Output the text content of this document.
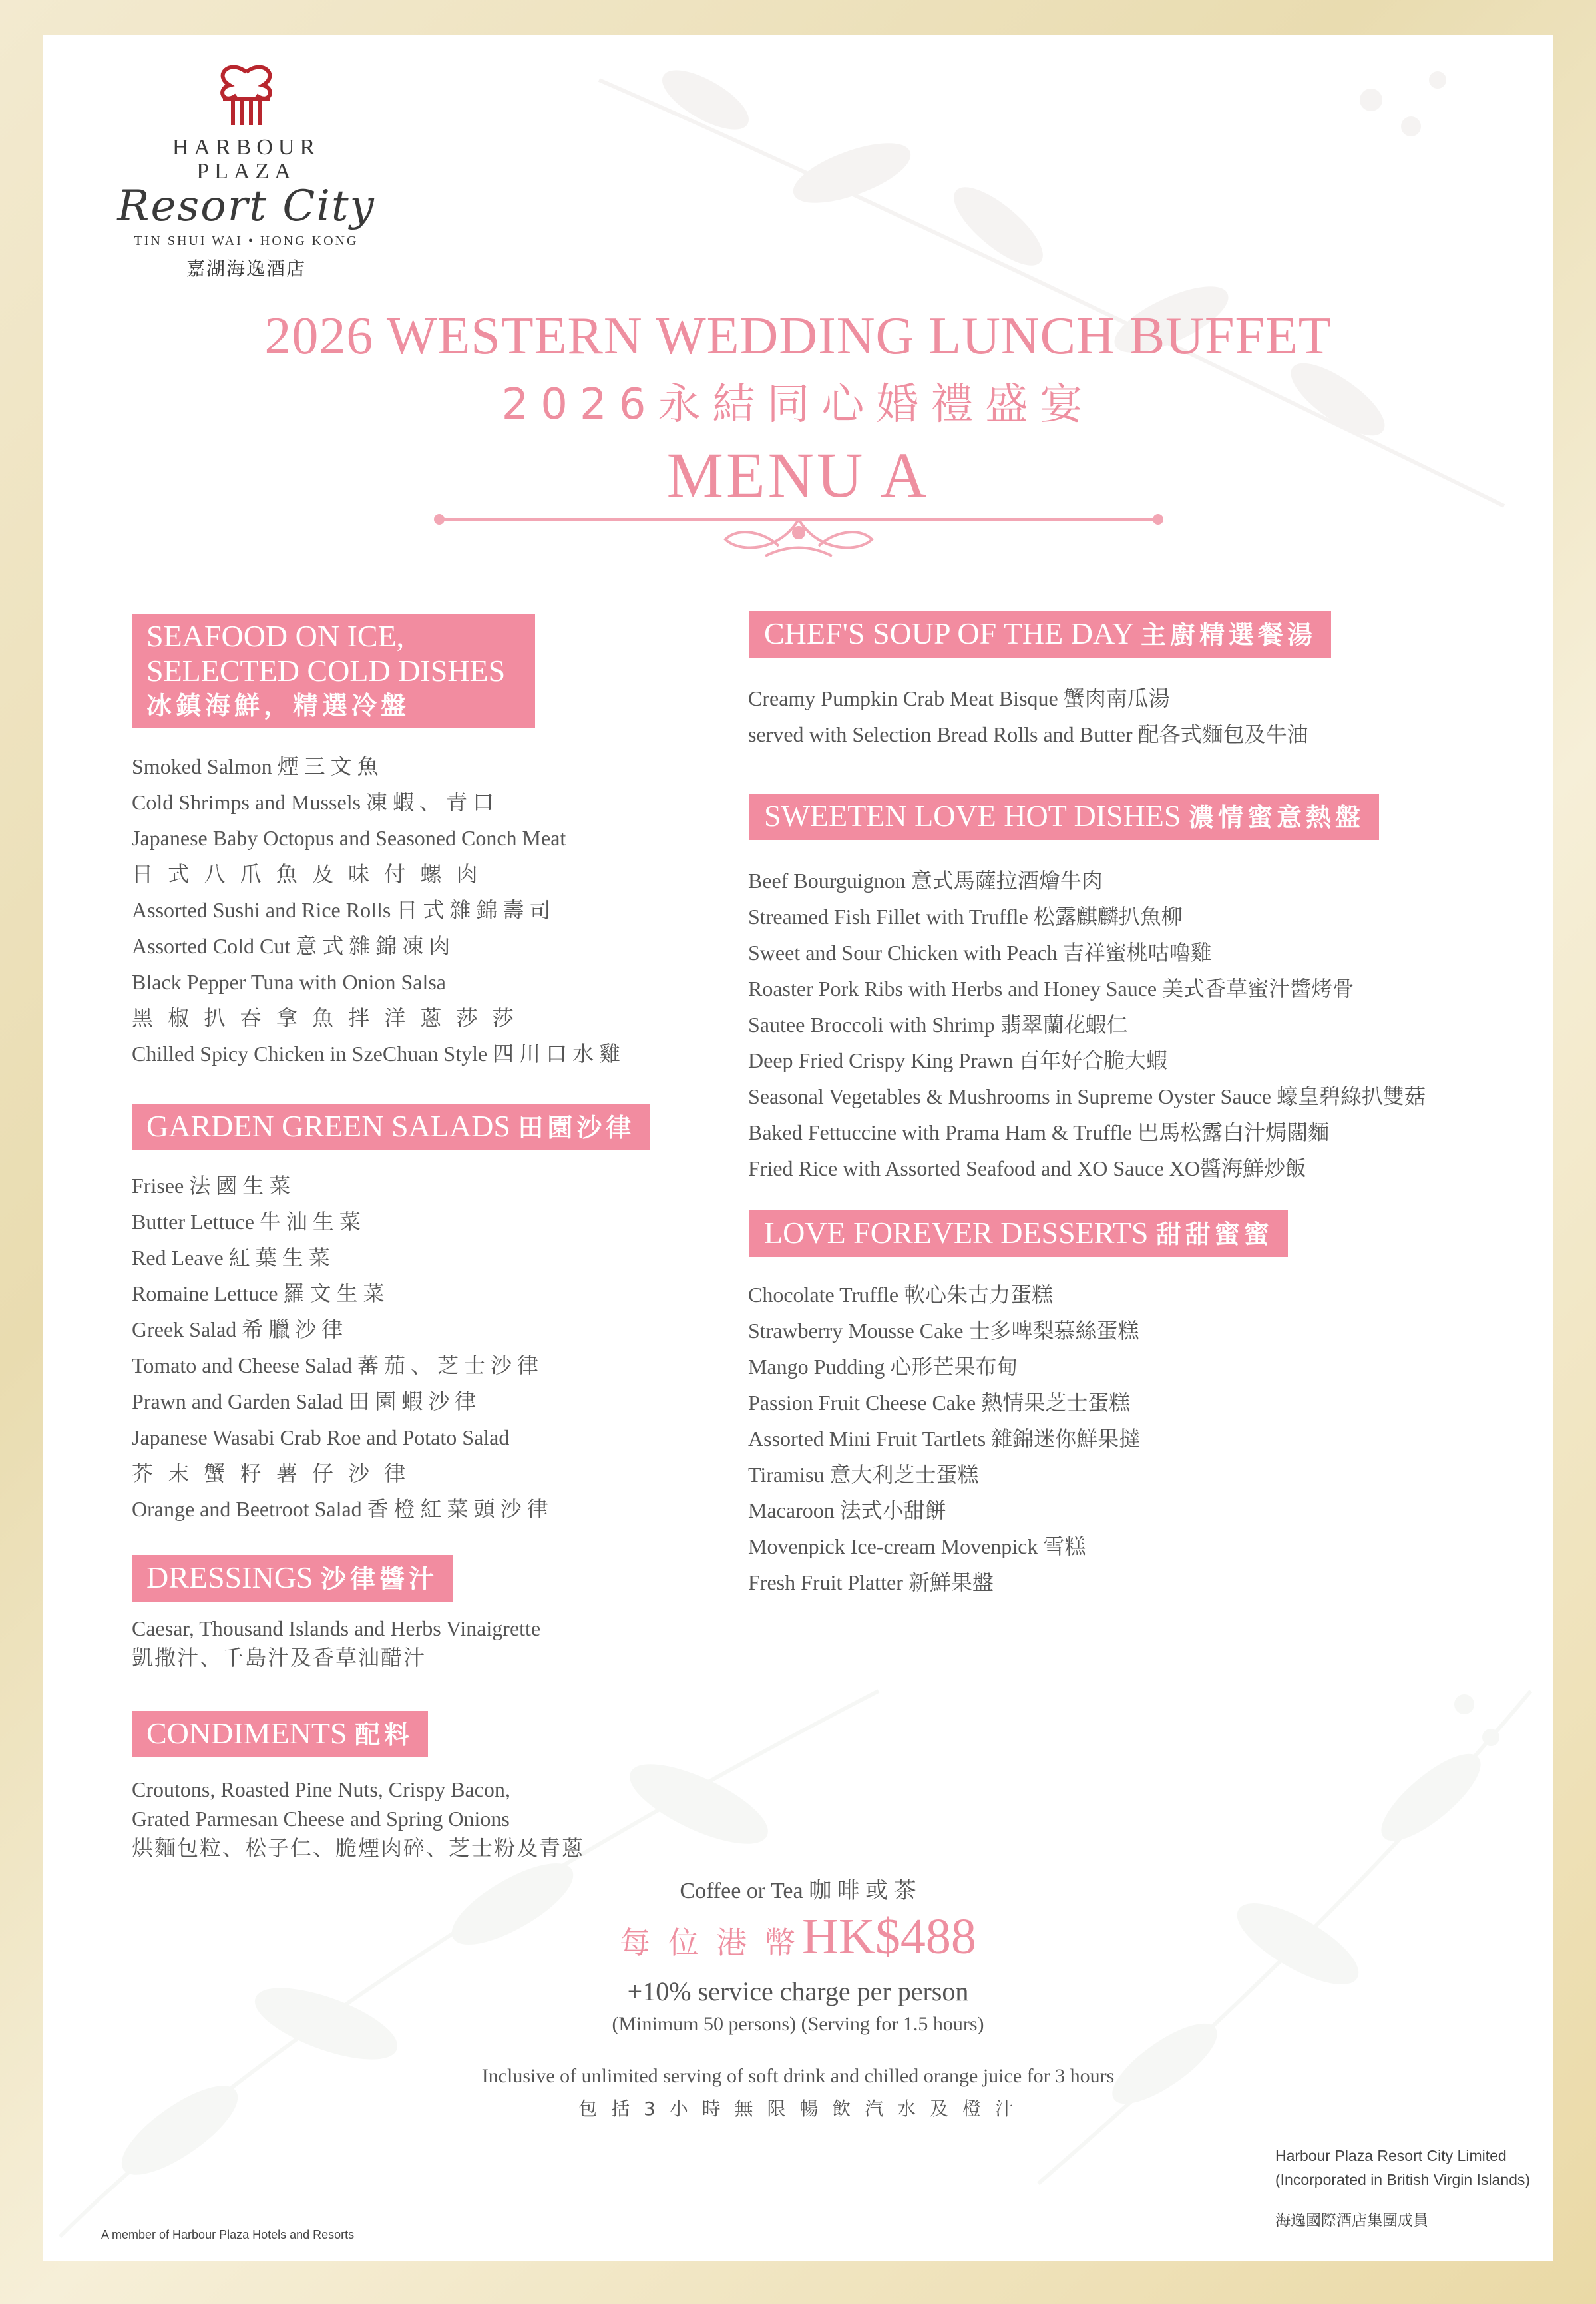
HARBOUR
PLAZA
Resort City
TIN SHUI WAI • HONG KONG
嘉湖海逸酒店
2026 WESTERN WEDDING LUNCH BUFFET
2026永結同心婚禮盛宴
MENU A
SEAFOOD ON ICE,
SELECTED COLD DISHES
冰鎮海鮮，精選冷盤
Smoked Salmon 煙 三 文 魚
Cold Shrimps and Mussels 凍 蝦 、 青 口
Japanese Baby Octopus and Seasoned Conch Meat
日 式 八 爪 魚 及 味 付 螺 肉
Assorted Sushi and Rice Rolls 日 式 雜 錦 壽 司
Assorted Cold Cut 意 式 雜 錦 凍 肉
Black Pepper Tuna with Onion Salsa
黑 椒 扒 吞 拿 魚 拌 洋 蔥 莎 莎
Chilled Spicy Chicken in SzeChuan Style 四 川 口 水 雞
GARDEN GREEN SALADS 田園沙律
Frisee 法 國 生 菜
Butter Lettuce 牛 油 生 菜
Red Leave 紅 葉 生 菜
Romaine Lettuce 羅 文 生 菜
Greek Salad 希 臘 沙 律
Tomato and Cheese Salad 蕃 茄 、 芝 士 沙 律
Prawn and Garden Salad 田 園 蝦 沙 律
Japanese Wasabi Crab Roe and Potato Salad
芥 末 蟹 籽 薯 仔 沙 律
Orange and Beetroot Salad 香 橙 紅 菜 頭 沙 律
DRESSINGS 沙律醬汁
Caesar, Thousand Islands and Herbs Vinaigrette
凱撒汁、千島汁及香草油醋汁
CONDIMENTS 配料
Croutons, Roasted Pine Nuts, Crispy Bacon,
Grated Parmesan Cheese and Spring Onions
烘麵包粒、松子仁、脆煙肉碎、芝士粉及青蔥
CHEF'S SOUP OF THE DAY 主廚精選餐湯
Creamy Pumpkin Crab Meat Bisque 蟹肉南瓜湯
served with Selection Bread Rolls and Butter 配各式麵包及牛油
SWEETEN LOVE HOT DISHES 濃情蜜意熱盤
Beef Bourguignon 意式馬薩拉酒燴牛肉
Streamed Fish Fillet with Truffle 松露麒麟扒魚柳
Sweet and Sour Chicken with Peach 吉祥蜜桃咕嚕雞
Roaster Pork Ribs with Herbs and Honey Sauce 美式香草蜜汁醬烤骨
Sautee Broccoli with Shrimp 翡翠蘭花蝦仁
Deep Fried Crispy King Prawn 百年好合脆大蝦
Seasonal Vegetables & Mushrooms in Supreme Oyster Sauce 蠔皇碧綠扒雙菇
Baked Fettuccine with Prama Ham & Truffle 巴馬松露白汁焗闊麵
Fried Rice with Assorted Seafood and XO Sauce XO醬海鮮炒飯
LOVE FOREVER DESSERTS 甜甜蜜蜜
Chocolate Truffle 軟心朱古力蛋糕
Strawberry Mousse Cake 士多啤梨慕絲蛋糕
Mango Pudding 心形芒果布甸
Passion Fruit Cheese Cake 熱情果芝士蛋糕
Assorted Mini Fruit Tartlets 雜錦迷你鮮果撻
Tiramisu 意大利芝士蛋糕
Macaroon 法式小甜餅
Movenpick Ice-cream Movenpick 雪糕
Fresh Fruit Platter 新鮮果盤
Coffee or Tea 咖 啡 或 茶
每 位 港 幣 HK$488
+10% service charge per person
(Minimum 50 persons) (Serving for 1.5 hours)
Inclusive of unlimited serving of soft drink and chilled orange juice for 3 hours
包 括 3 小 時 無 限 暢 飲 汽 水 及 橙 汁
A member of Harbour Plaza Hotels and Resorts
Harbour Plaza Resort City Limited
(Incorporated in British Virgin Islands)
海逸國際酒店集團成員
